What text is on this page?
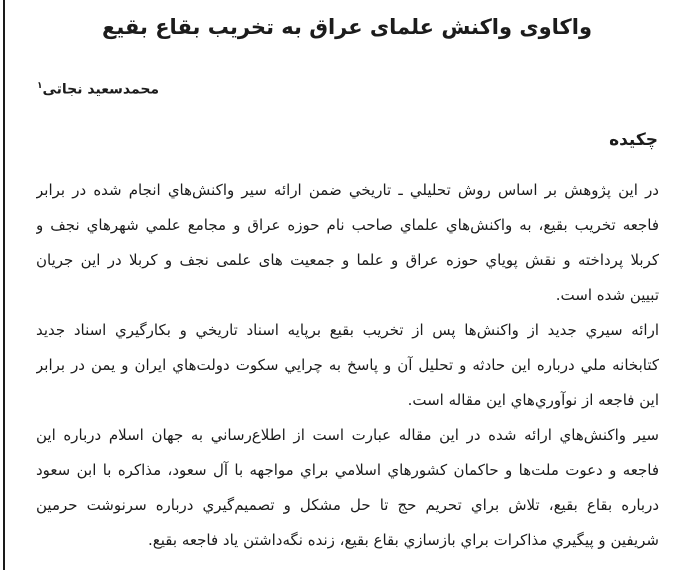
واکاوی واکنش علمای عراق به تخریب بقاع بقیع
محمدسعید نجاتی$^۱$
چکیده
در این پژوهش بر اساس روش تحلیلي ـ تاریخي ضمن ارائه سیر واکنش‌هاي انجام شده در برابر
فاجعه تخریب بقیع، به واکنش‌هاي علماي صاحب نام حوزه عراق و مجامع علمي شهرهاي نجف و
کربلا پرداخته و نقش پویاي حوزه عراق و علما و جمعیت های علمی نجف و کربلا در این جریان
تبیین شده است.
ارائه سیري جدید از واکنش‌ها پس از تخریب بقیع برپایه اسناد تاریخي و بکارگیري اسناد جدید
کتابخانه ملي درباره این حادثه و تحلیل آن و پاسخ به چرایي سکوت دولت‌هاي ایران و یمن در برابر
این فاجعه از نوآوري‌هاي این مقاله است.
سیر واکنش‌هاي ارائه شده در این مقاله عبارت است از اطلاع‌رساني به جهان اسلام درباره این
فاجعه و دعوت ملت‌ها و حاکمان کشورهاي اسلامي براي مواجهه با آل سعود، مذاکره با ابن سعود
درباره بقاع بقیع، تلاش براي تحریم حج تا حل مشکل و تصمیم‌گیري درباره سرنوشت حرمین
شریفین و پیگیري مذاکرات براي بازسازي بقاع بقیع، زنده نگه‌داشتن یاد فاجعه بقیع.
